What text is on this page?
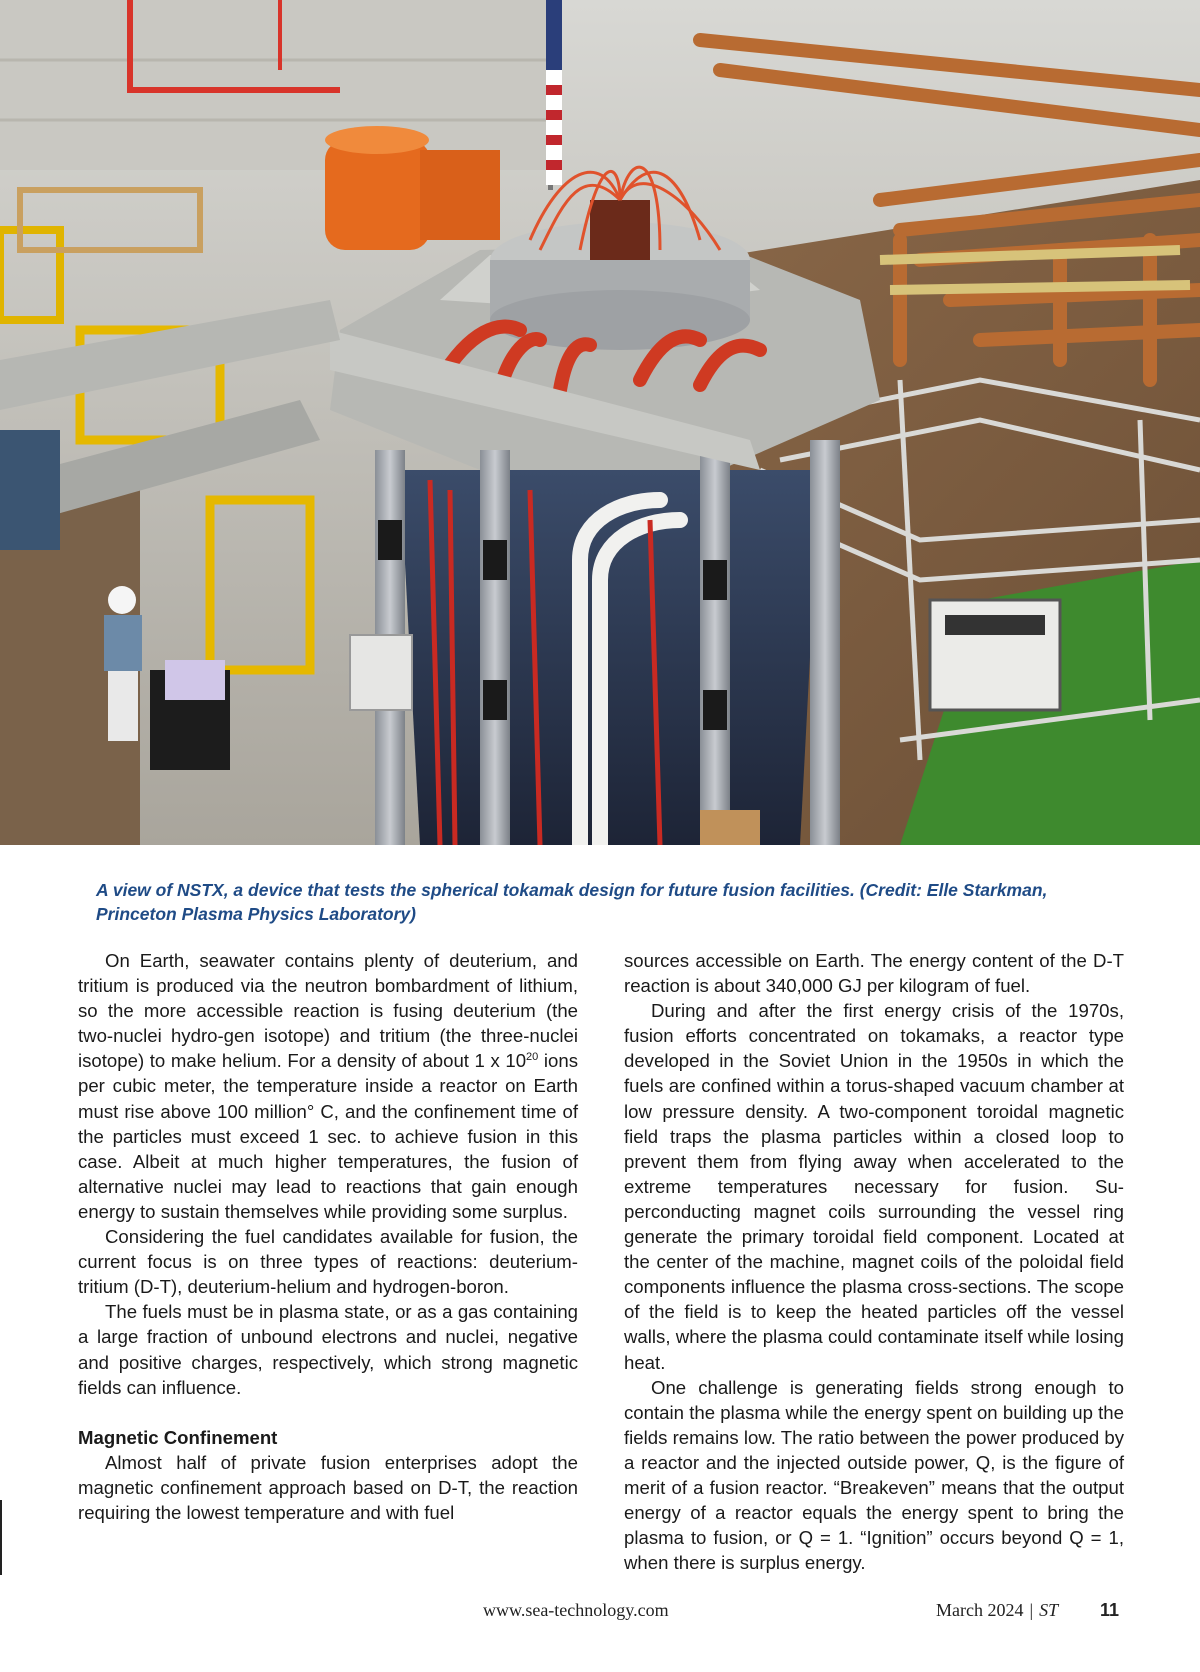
A view of NSTX, a device that tests the spherical tokamak design for future fusion facilities. (Credit: Elle Starkman, Princeton Plasma Physics Laboratory)

On Earth, seawater contains plenty of deuterium, and tritium is produced via the neutron bombardment of lithium, so the more accessible reaction is fusing deuterium (the two-nuclei hydro-gen isotope) and tritium (the three-nuclei isotope) to make helium. For a density of about 1 x $10^{20}$ ions per cubic meter, the temperature inside a reactor on Earth must rise above 100 million° C, and the confinement time of the particles must exceed 1 sec. to achieve fusion in this case. Albeit at much higher temperatures, the fusion of alternative nuclei may lead to reactions that gain enough energy to sustain themselves while providing some surplus.

Considering the fuel candidates available for fusion, the current focus is on three types of reactions: deuterium-tritium (D-T), deuterium-helium and hydrogen-boron.

The fuels must be in plasma state, or as a gas containing a large fraction of unbound electrons and nuclei, negative and positive charges, respectively, which strong magnetic fields can influence.

Magnetic Confinement

Almost half of private fusion enterprises adopt the magnetic confinement approach based on D-T, the reaction requiring the lowest temperature and with fuel

sources accessible on Earth. The energy content of the D-T reaction is about 340,000 GJ per kilogram of fuel.

During and after the first energy crisis of the 1970s, fusion efforts concentrated on tokamaks, a reactor type developed in the Soviet Union in the 1950s in which the fuels are confined within a torus-shaped vacuum chamber at low pressure density. A two-component toroidal magnetic field traps the plasma particles within a closed loop to prevent them from flying away when accelerated to the extreme temperatures necessary for fusion. Superconducting magnet coils surrounding the vessel ring generate the primary toroidal field component. Located at the center of the machine, magnet coils of the poloidal field components influence the plasma cross-sections. The scope of the field is to keep the heated particles off the vessel walls, where the plasma could contaminate itself while losing heat.

One challenge is generating fields strong enough to contain the plasma while the energy spent on building up the fields remains low. The ratio between the power produced by a reactor and the injected outside power, Q, is the figure of merit of a fusion reactor. “Breakeven” means that the output energy of a reactor equals the energy spent to bring the plasma to fusion, or Q = 1. “Ignition” occurs beyond Q = 1, when there is surplus energy.

www.sea-technology.com	March 2024 | ST 11
